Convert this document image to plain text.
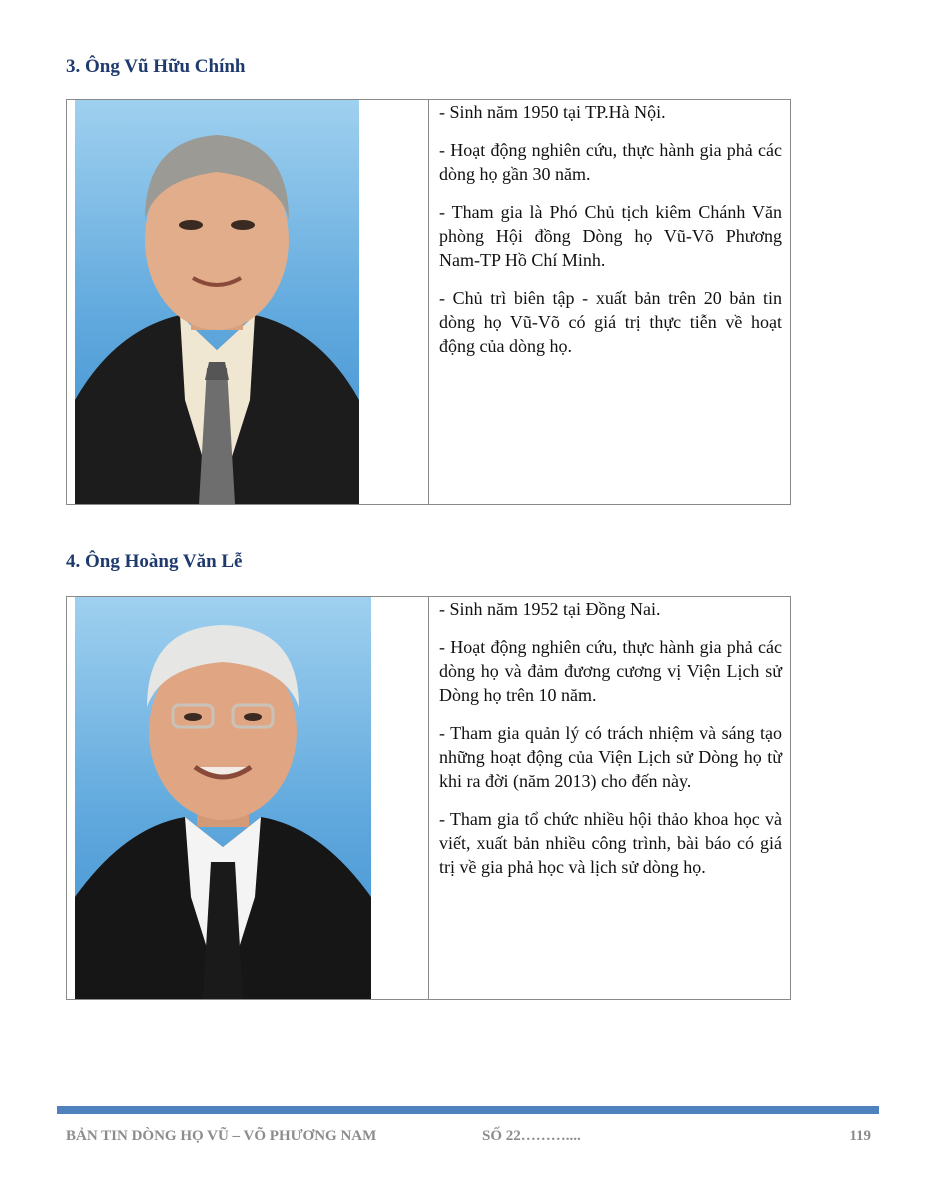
3. Ông Vũ Hữu Chính

- Sinh năm 1950 tại TP.Hà Nội.

- Hoạt động nghiên cứu, thực hành gia phả các dòng họ gần 30 năm.

- Tham gia là Phó Chủ tịch kiêm Chánh Văn phòng Hội đồng Dòng họ Vũ-Võ Phương Nam-TP Hồ Chí Minh.

- Chủ trì biên tập - xuất bản trên 20 bản tin dòng họ Vũ-Võ có giá trị thực tiễn về hoạt động của dòng họ.

4. Ông Hoàng Văn Lễ

- Sinh năm 1952 tại Đồng Nai.

- Hoạt động nghiên cứu, thực hành gia phả các dòng họ và đảm đương cương vị Viện Lịch sử Dòng họ trên 10 năm.

- Tham gia quản lý có trách nhiệm và sáng tạo những hoạt động của Viện Lịch sử Dòng họ từ khi ra đời (năm 2013) cho đến này.

- Tham gia tổ chức nhiều hội thảo khoa học và viết, xuất bản nhiều công trình, bài báo có giá trị về gia phả học và lịch sử dòng họ.

BẢN TIN DÒNG HỌ VŨ – VÕ PHƯƠNG NAM	SỐ 22………....	119
